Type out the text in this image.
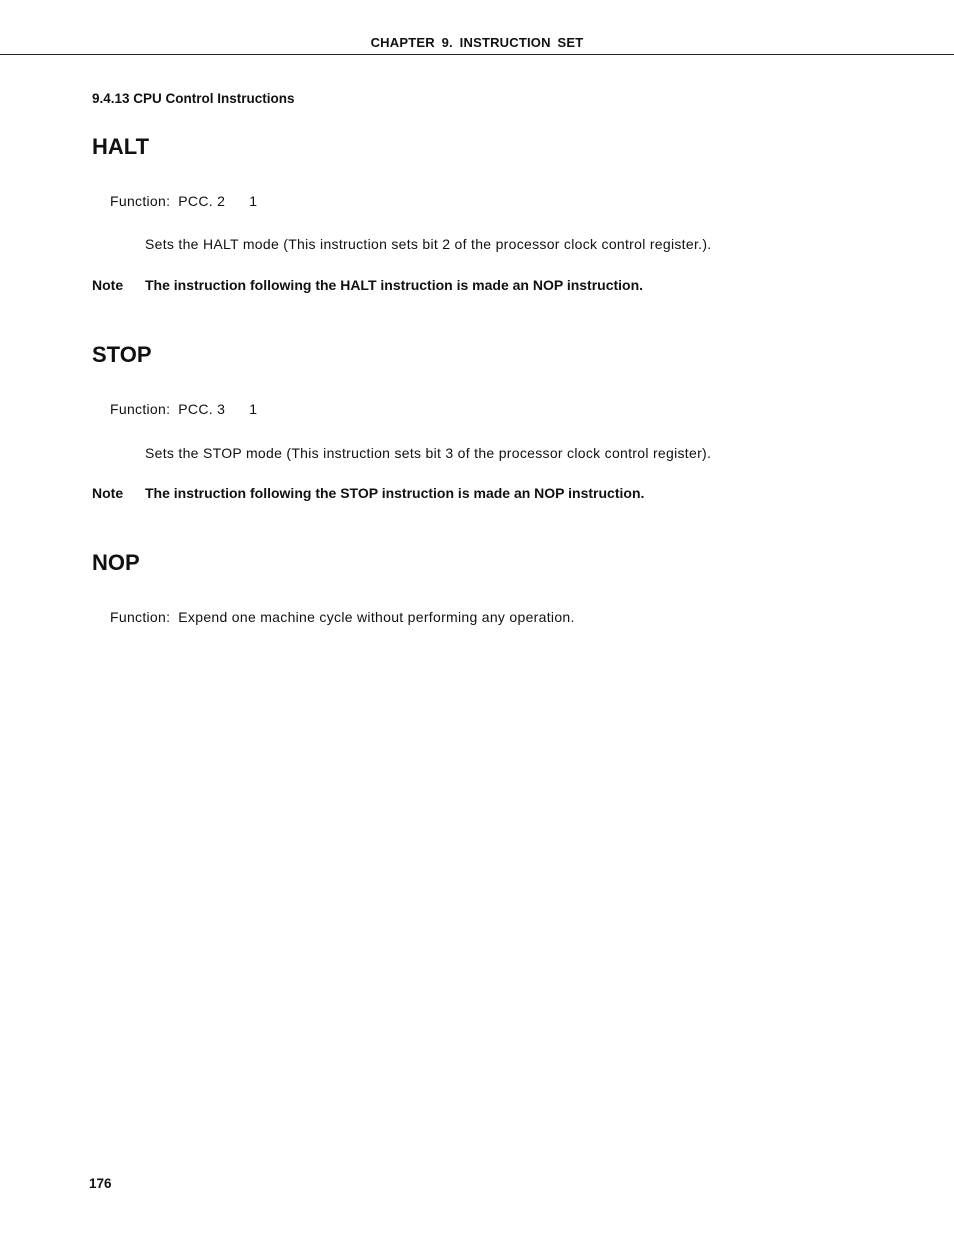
CHAPTER 9. INSTRUCTION SET
9.4.13 CPU Control Instructions
HALT
Function: PCC. 2 1
Sets the HALT mode (This instruction sets bit 2 of the processor clock control register.).
Note The instruction following the HALT instruction is made an NOP instruction.
STOP
Function: PCC. 3 1
Sets the STOP mode (This instruction sets bit 3 of the processor clock control register).
Note The instruction following the STOP instruction is made an NOP instruction.
NOP
Function: Expend one machine cycle without performing any operation.
176
